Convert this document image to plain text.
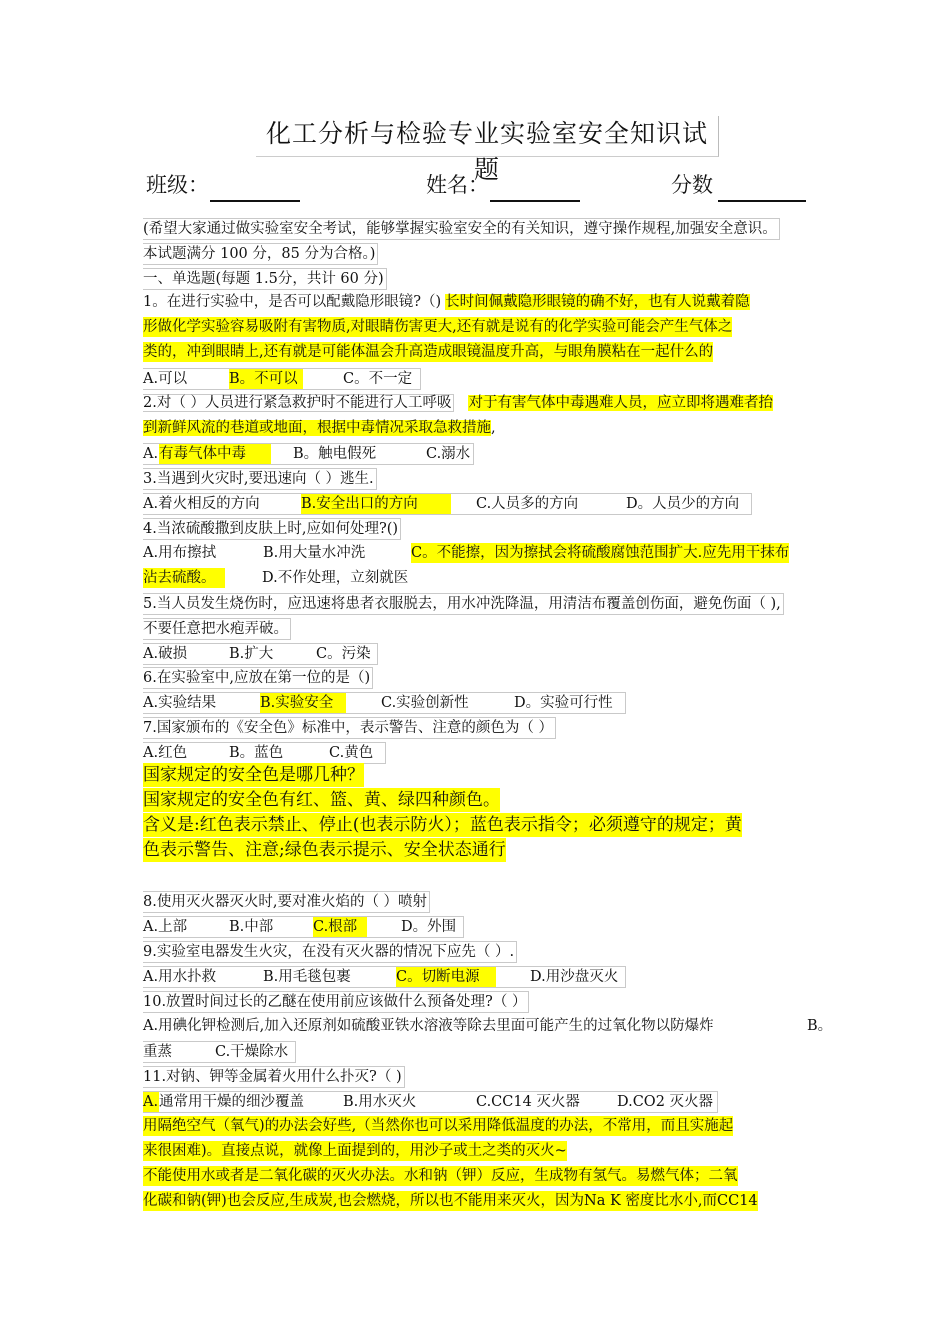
化工分析与检验专业实验室安全知识试题
班级：	姓名：	分数
(希望大家通过做实验室安全考试，能够掌握实验室安全的有关知识，遵守操作规程,加强安全意识。
本试题满分 100 分，85 分为合格。)
一、单选题(每题 1.5分，共计 60 分)
1。在进行实验中，是否可以配戴隐形眼镜?（) 长时间佩戴隐形眼镜的确不好，也有人说戴着隐
形做化学实验容易吸附有害物质,对眼睛伤害更大,还有就是说有的化学实验可能会产生气体之
类的，冲到眼睛上,还有就是可能体温会升高造成眼镜温度升高，与眼角膜粘在一起什么的
A.可以	B。不可以	C。不一定
2.对（ ）人员进行紧急救护时不能进行人工呼吸 对于有害气体中毒遇难人员，应立即将遇难者抬
到新鲜风流的巷道或地面，根据中毒情况采取急救措施,
A. 有毒气体中毒	B。触电假死	C.溺水
3.当遇到火灾时,要迅速向（ ）逃生.
A.着火相反的方向	B.安全出口的方向	C.人员多的方向	D。人员少的方向
4.当浓硫酸撒到皮肤上时,应如何处理?()
A.用布擦拭	B.用大量水冲洗	C。不能擦，因为擦拭会将硫酸腐蚀范围扩大.应先用干抹布
沾去硫酸。	D.不作处理，立刻就医
5.当人员发生烧伤时，应迅速将患者衣服脱去，用水冲洗降温，用清洁布覆盖创伤面，避免伤面（ ),
不要任意把水疱弄破。
A.破损	B.扩大	C。污染
6.在实验室中,应放在第一位的是（)
A.实验结果	B.实验安全	C.实验创新性	D。实验可行性
7.国家颁布的《安全色》标准中，表示警告、注意的颜色为（ ）
A.红色	B。蓝色	C.黄色
国家规定的安全色是哪几种？
国家规定的安全色有红、篮、黄、绿四种颜色。
含义是:红色表示禁止、停止(也表示防火）；蓝色表示指令；必须遵守的规定；黄
色表示警告、注意;绿色表示提示、安全状态通行
8.使用灭火器灭火时,要对准火焰的（ ）喷射
A.上部	B.中部	C.根部	D。外围
9.实验室电器发生火灾，在没有灭火器的情况下应先（ ）.
A.用水扑救	B.用毛毯包裹	C。切断电源	D.用沙盘灭火
10.放置时间过长的乙醚在使用前应该做什么预备处理?（ ）
A.用碘化钾检测后,加入还原剂如硫酸亚铁水溶液等除去里面可能产生的过氧化物以防爆炸	B。
重蒸	C.干燥除水
11.对钠、钾等金属着火用什么扑灭?（ )
A. 通常用干燥的细沙覆盖	B.用水灭火	C.CC14 灭火器	D.CO2 灭火器
用隔绝空气（氧气)的办法会好些,（当然你也可以采用降低温度的办法，不常用，而且实施起
来很困难)。直接点说，就像上面提到的，用沙子或土之类的灭火~
不能使用水或者是二氧化碳的灭火办法。水和钠（钾）反应，生成物有氢气。易燃气体；二氧
化碳和钠(钾)也会反应,生成炭,也会燃烧，所以也不能用来灭火，因为Na K 密度比水小,而CC14
